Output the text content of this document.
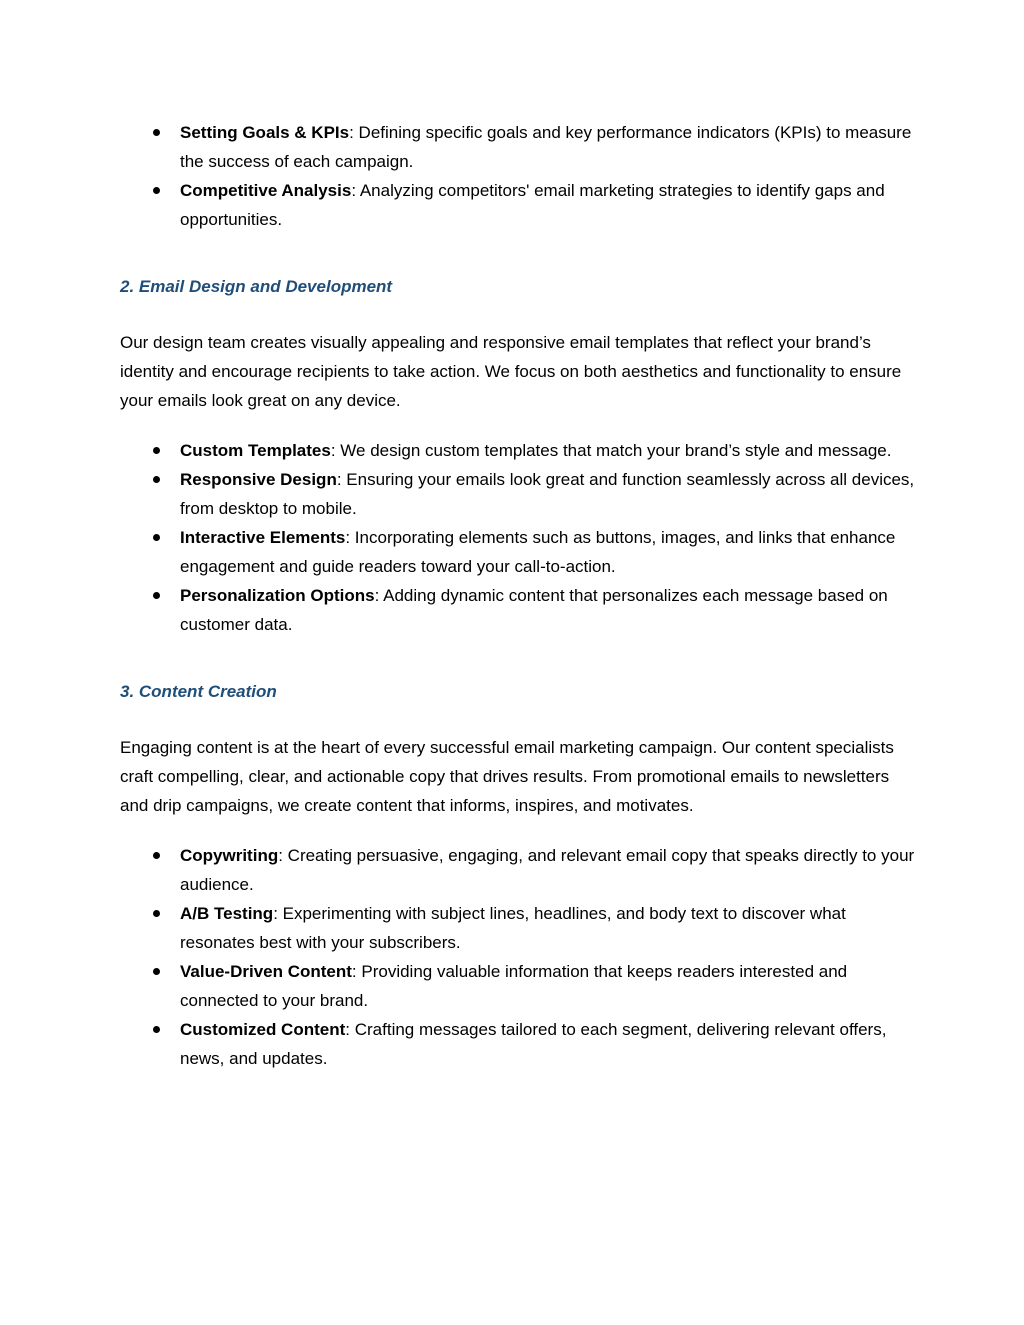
Setting Goals & KPIs: Defining specific goals and key performance indicators (KPIs) to measure the success of each campaign.
Competitive Analysis: Analyzing competitors' email marketing strategies to identify gaps and opportunities.
2. Email Design and Development

Our design team creates visually appealing and responsive email templates that reflect your brand’s identity and encourage recipients to take action. We focus on both aesthetics and functionality to ensure your emails look great on any device.

Custom Templates: We design custom templates that match your brand’s style and message.
Responsive Design: Ensuring your emails look great and function seamlessly across all devices, from desktop to mobile.
Interactive Elements: Incorporating elements such as buttons, images, and links that enhance engagement and guide readers toward your call-to-action.
Personalization Options: Adding dynamic content that personalizes each message based on customer data.
3. Content Creation

Engaging content is at the heart of every successful email marketing campaign. Our content specialists craft compelling, clear, and actionable copy that drives results. From promotional emails to newsletters and drip campaigns, we create content that informs, inspires, and motivates.

Copywriting: Creating persuasive, engaging, and relevant email copy that speaks directly to your audience.
A/B Testing: Experimenting with subject lines, headlines, and body text to discover what resonates best with your subscribers.
Value-Driven Content: Providing valuable information that keeps readers interested and connected to your brand.
Customized Content: Crafting messages tailored to each segment, delivering relevant offers, news, and updates.
